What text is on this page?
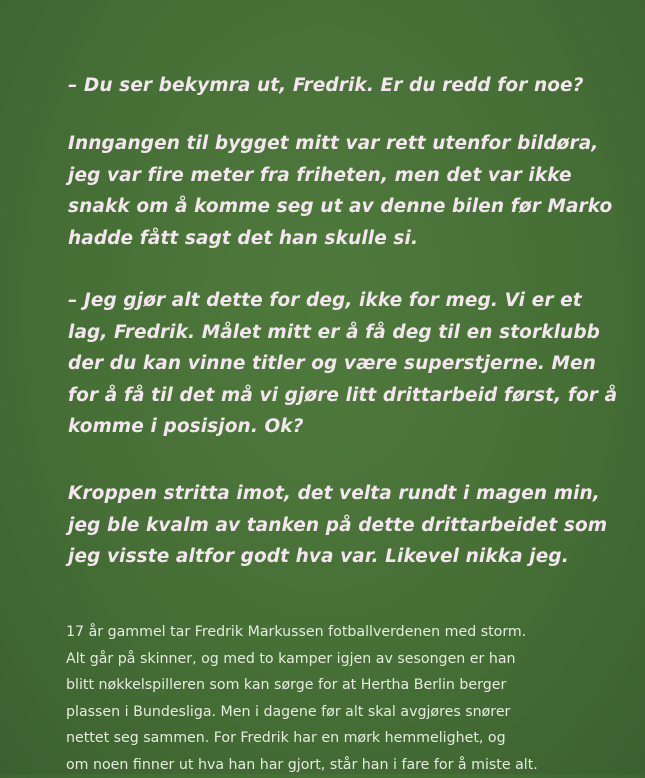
– Du ser bekymra ut, Fredrik. Er du redd for noe?

Inngangen til bygget mitt var rett utenfor bildøra,
jeg var fire meter fra friheten, men det var ikke
snakk om å komme seg ut av denne bilen før Marko
hadde fått sagt det han skulle si.

– Jeg gjør alt dette for deg, ikke for meg. Vi er et
lag, Fredrik. Målet mitt er å få deg til en storklubb
der du kan vinne titler og være superstjerne. Men
for å få til det må vi gjøre litt drittarbeid først, for å
komme i posisjon. Ok?

Kroppen stritta imot, det velta rundt i magen min,
jeg ble kvalm av tanken på dette drittarbeidet som
jeg visste altfor godt hva var. Likevel nikka jeg.

17 år gammel tar Fredrik Markussen fotballverdenen med storm.
Alt går på skinner, og med to kamper igjen av sesongen er han
blitt nøkkelspilleren som kan sørge for at Hertha Berlin berger
plassen i Bundesliga. Men i dagene før alt skal avgjøres snører
nettet seg sammen. For Fredrik har en mørk hemmelighet, og
om noen finner ut hva han har gjort, står han i fare for å miste alt.
